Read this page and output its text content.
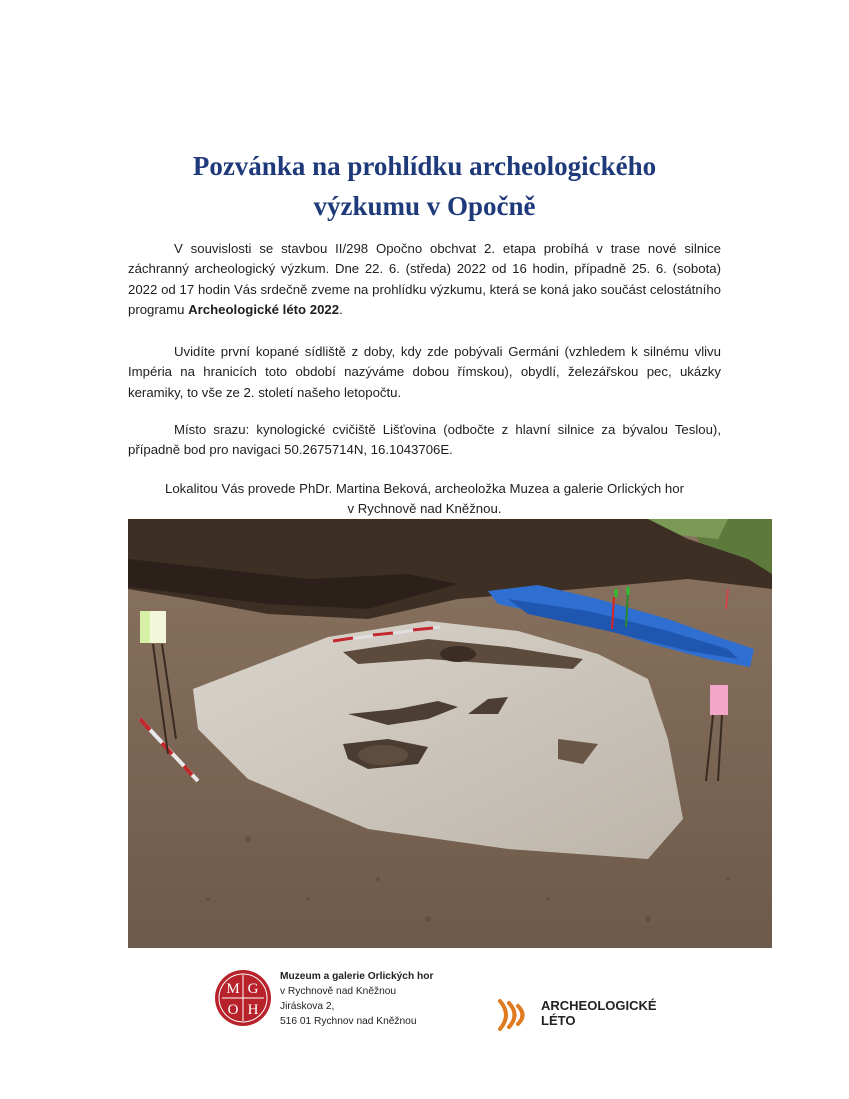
Pozvánka na prohlídku archeologického
výzkumu v Opočně
V souvislosti se stavbou II/298 Opočno obchvat 2. etapa probíhá v trase nové silnice záchranný archeologický výzkum. Dne 22. 6. (středa) 2022 od 16 hodin, případně 25. 6. (sobota) 2022 od 17 hodin Vás srdečně zveme na prohlídku výzkumu, která se koná jako součást celostátního programu Archeologické léto 2022.
Uvidíte první kopané sídliště z doby, kdy zde pobývali Germáni (vzhledem k silnému vlivu Impéria na hranicích toto období nazýváme dobou římskou), obydlí, železářskou pec, ukázky keramiky, to vše ze 2. století našeho letopočtu.
Místo srazu: kynologické cvičiště Lišťovina (odbočte z hlavní silnice za bývalou Teslou), případně bod pro navigaci 50.2675714N, 16.1043706E.
Lokalitou Vás provede PhDr. Martina Beková, archeoložka Muzea a galerie Orlických hor
v Rychnově nad Kněžnou.
M G
O H
Muzeum a galerie Orlických hor
v Rychnově nad Kněžnou
Jiráskova 2,
516 01 Rychnov nad Kněžnou
ARCHEOLOGICKÉ
LÉTO
